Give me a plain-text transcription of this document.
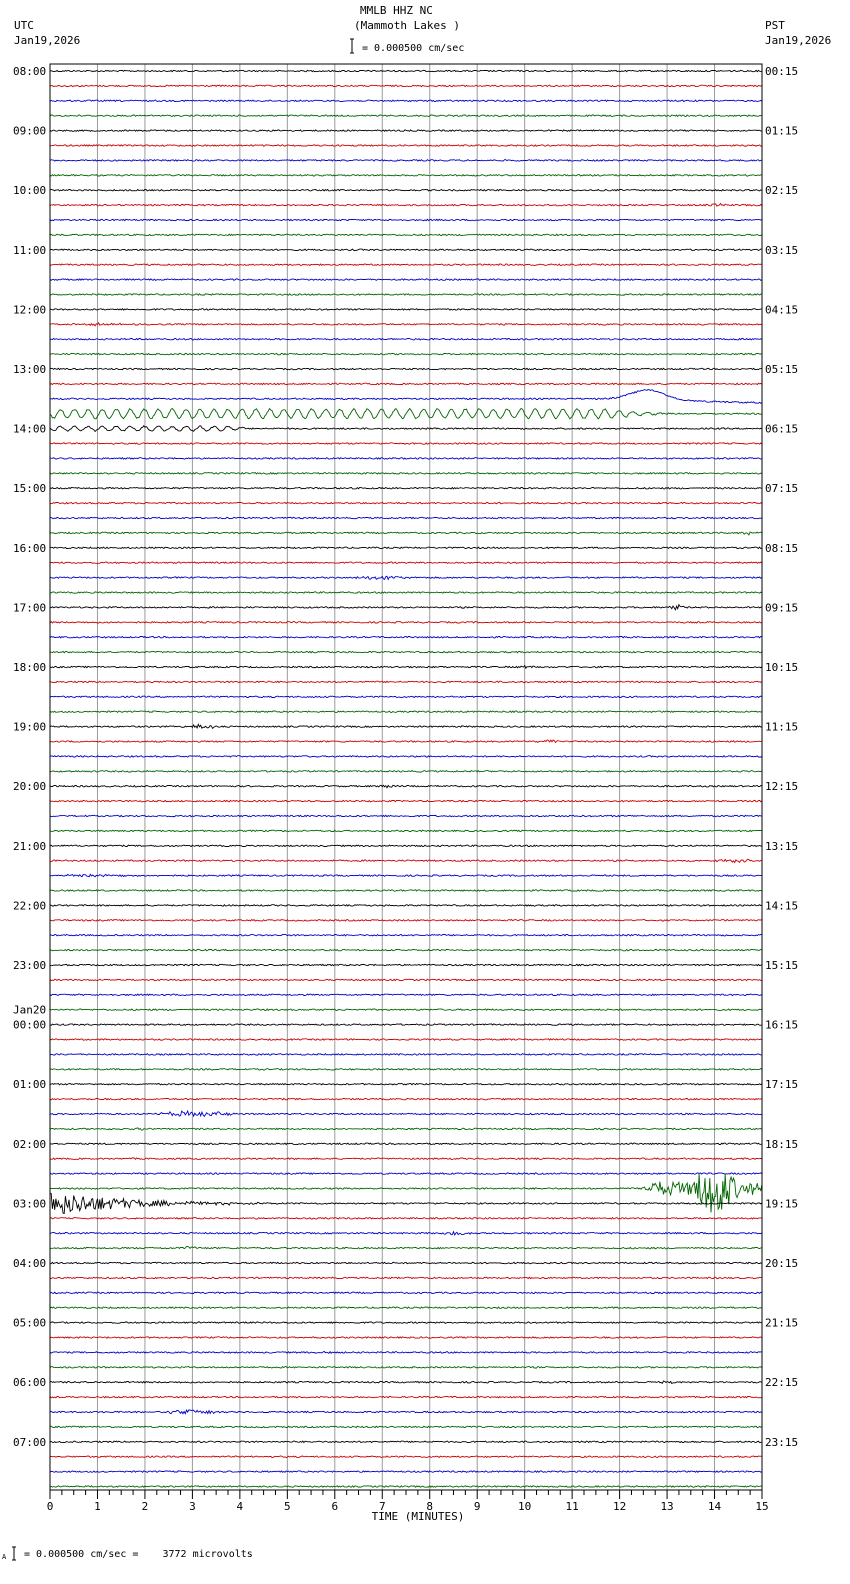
MMLB HHZ NC
(Mammoth Lakes )
UTC
Jan19,2026
PST
Jan19,2026
= 0.000500 cm/sec
= 0.000500 cm/sec =    3772 microvolts
A
08:00
09:00
10:00
11:00
12:00
13:00
14:00
15:00
16:00
17:00
18:00
19:00
20:00
21:00
22:00
23:00
00:00
01:00
02:00
03:00
04:00
05:00
06:00
07:00
Jan20
00:15
01:15
02:15
03:15
04:15
05:15
06:15
07:15
08:15
09:15
10:15
11:15
12:15
13:15
14:15
15:15
16:15
17:15
18:15
19:15
20:15
21:15
22:15
23:15
0	1	2	3	4	5	6	7	8	9	10	11	12	13	14	15
TIME (MINUTES)
